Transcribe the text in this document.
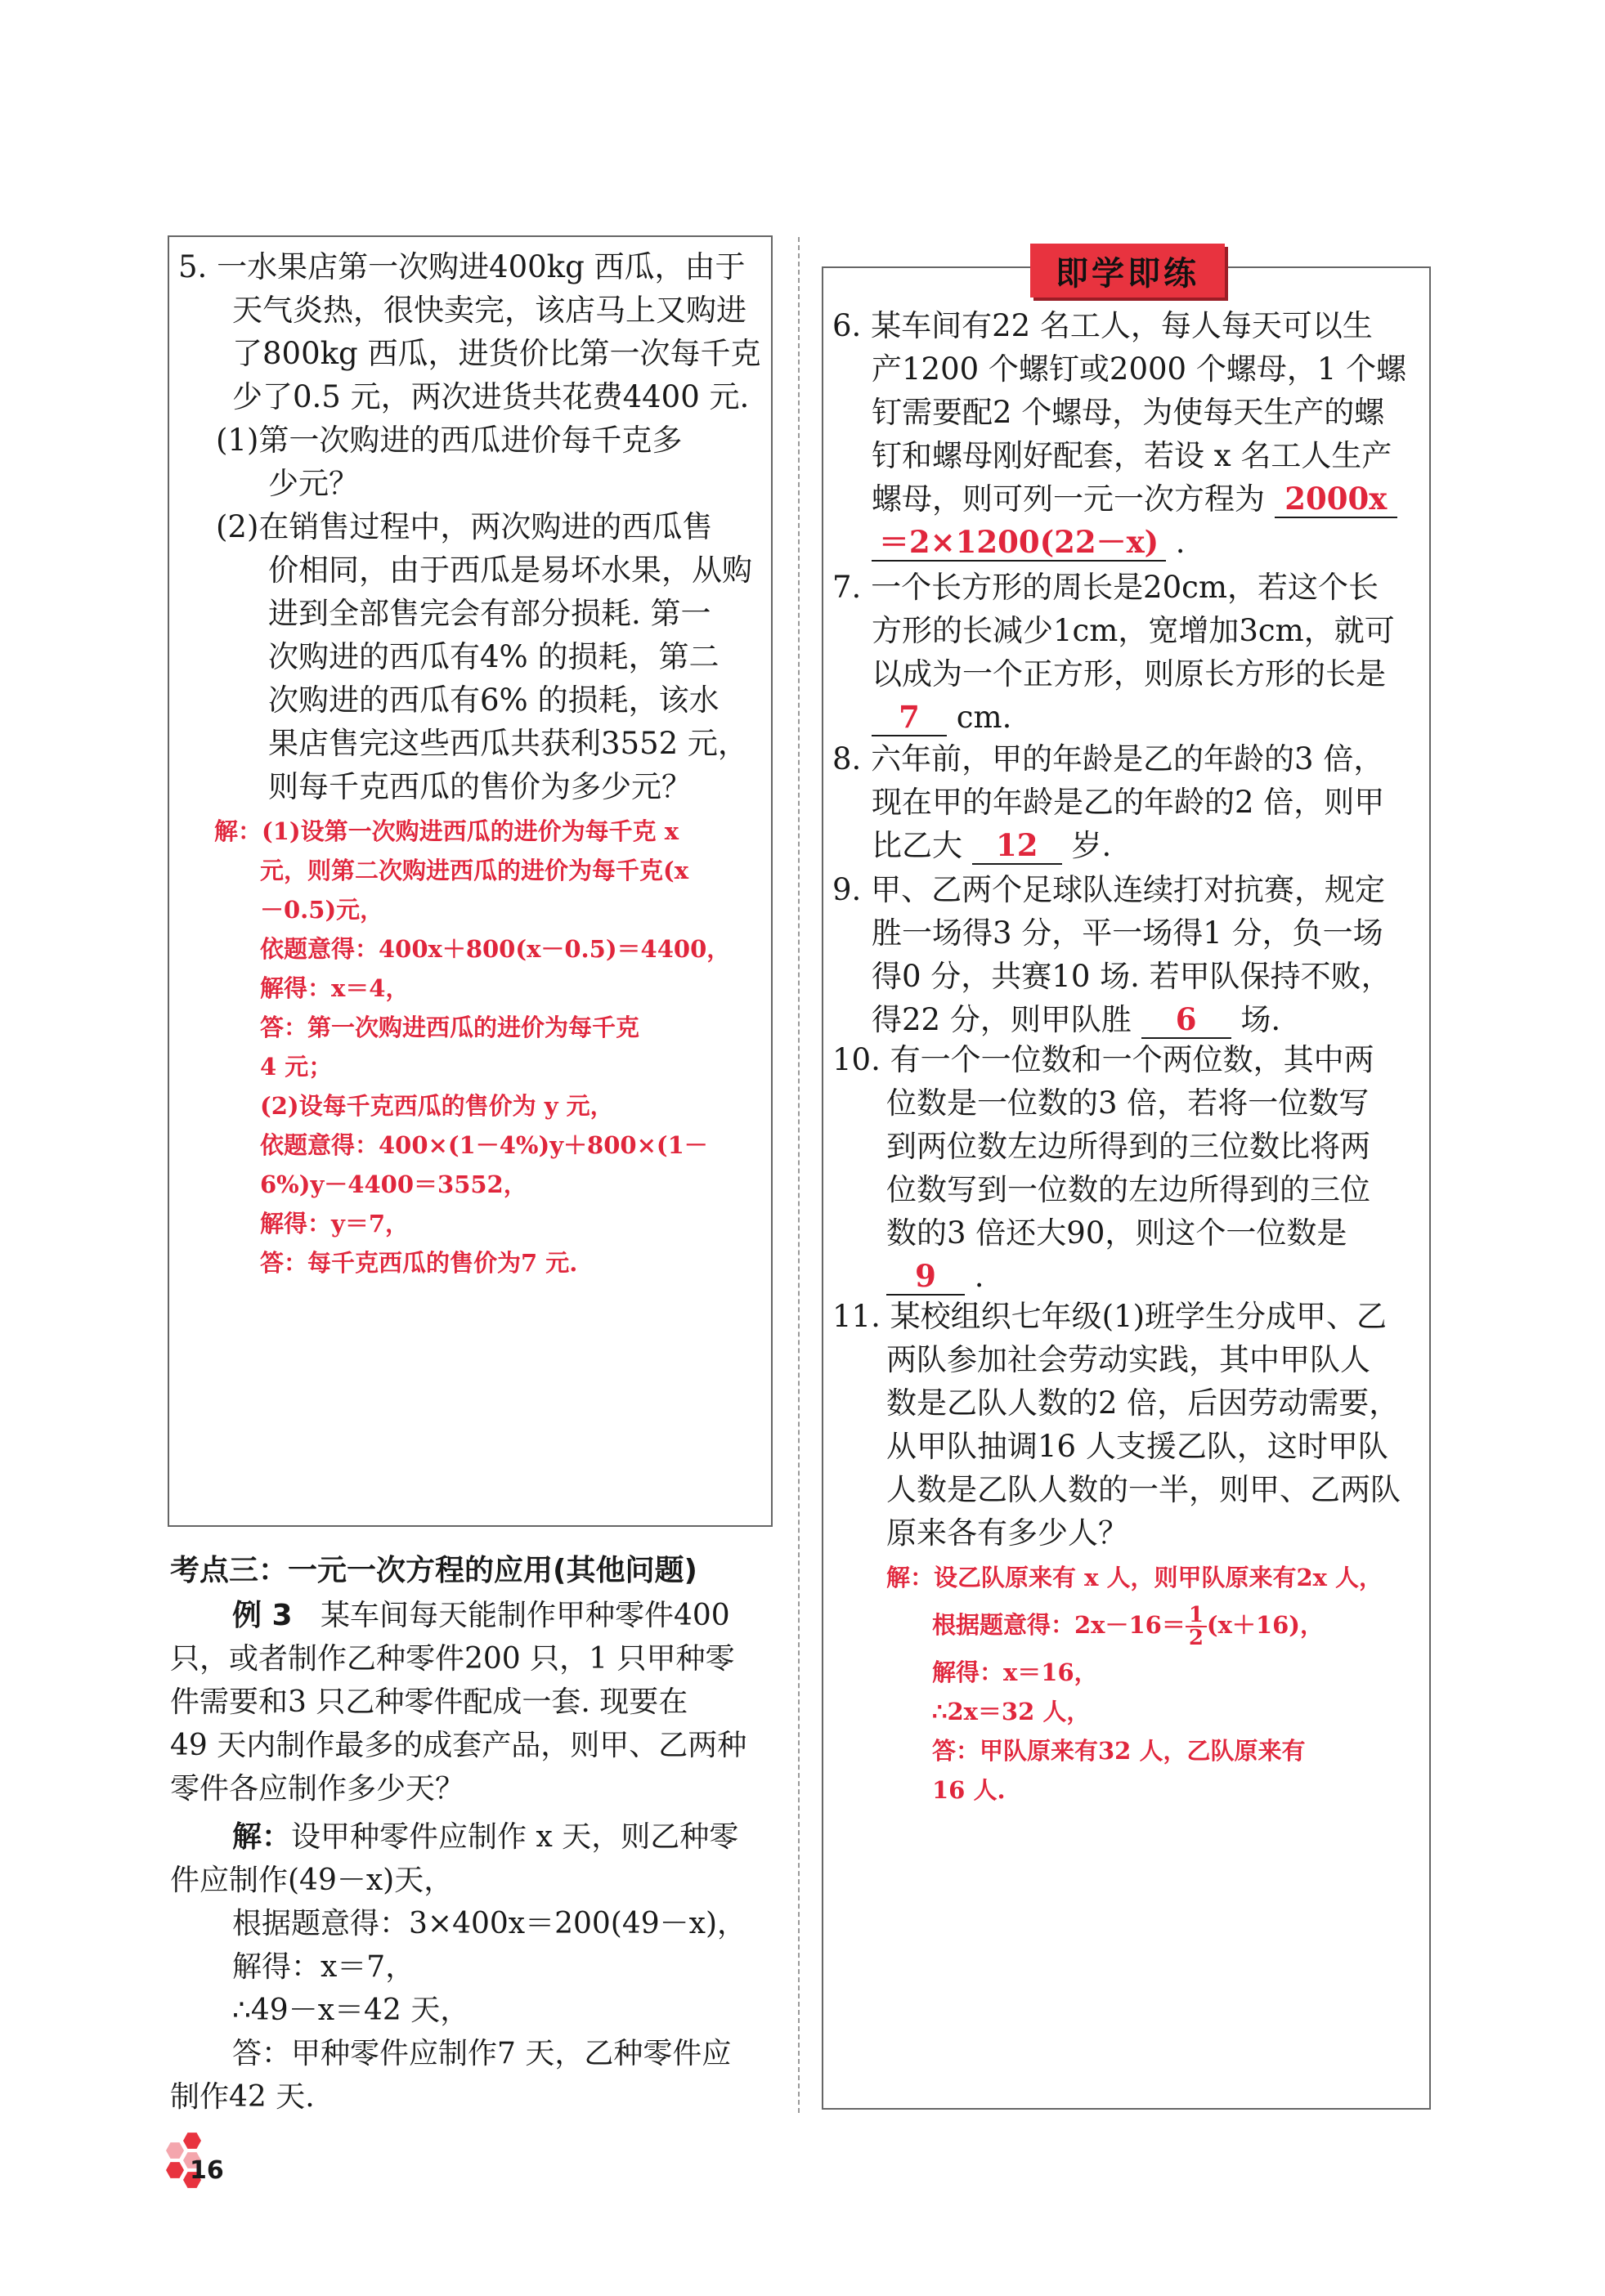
5. 一水果店第一次购进400kg 西瓜，由于
天气炎热，很快卖完，该店马上又购进
了800kg 西瓜，进货价比第一次每千克
少了0.5 元，两次进货共花费4400 元.
(1)第一次购进的西瓜进价每千克多
少元？
(2)在销售过程中，两次购进的西瓜售
价相同，由于西瓜是易坏水果，从购
进到全部售完会有部分损耗. 第一
次购进的西瓜有4% 的损耗，第二
次购进的西瓜有6% 的损耗，该水
果店售完这些西瓜共获利3552 元，
则每千克西瓜的售价为多少元？
解：(1)设第一次购进西瓜的进价为每千克 x
元，则第二次购进西瓜的进价为每千克(x
－0.5)元，
依题意得：400x＋800(x－0.5)＝4400，
解得：x＝4，
答：第一次购进西瓜的进价为每千克
4 元；
(2)设每千克西瓜的售价为 y 元，
依题意得：400×(1－4%)y＋800×(1－
6%)y－4400＝3552，
解得：y＝7，
答：每千克西瓜的售价为7 元.
考点三：一元一次方程的应用(其他问题)
例 3 某车间每天能制作甲种零件400
只，或者制作乙种零件200 只，1 只甲种零
件需要和3 只乙种零件配成一套. 现要在
49 天内制作最多的成套产品，则甲、乙两种
零件各应制作多少天？
解：设甲种零件应制作 x 天，则乙种零
件应制作(49－x)天，
根据题意得：3×400x＝200(49－x)，
解得：x＝7，
∴49－x＝42 天，
答：甲种零件应制作7 天，乙种零件应
制作42 天.
即学即练
6. 某车间有22 名工人，每人每天可以生
产1200 个螺钉或2000 个螺母，1 个螺
钉需要配2 个螺母，为使每天生产的螺
钉和螺母刚好配套，若设 x 名工人生产
螺母，则可列一元一次方程为 2000x
＝2×1200(22－x) .
7. 一个长方形的周长是20cm，若这个长
方形的长减少1cm，宽增加3cm，就可
以成为一个正方形，则原长方形的长是
7 cm.
8. 六年前，甲的年龄是乙的年龄的3 倍，
现在甲的年龄是乙的年龄的2 倍，则甲
比乙大 12 岁.
9. 甲、乙两个足球队连续打对抗赛，规定
胜一场得3 分，平一场得1 分，负一场
得0 分，共赛10 场. 若甲队保持不败，
得22 分，则甲队胜 6 场.
10. 有一个一位数和一个两位数，其中两
位数是一位数的3 倍，若将一位数写
到两位数左边所得到的三位数比将两
位数写到一位数的左边所得到的三位
数的3 倍还大90，则这个一位数是
9 .
11. 某校组织七年级(1)班学生分成甲、乙
两队参加社会劳动实践，其中甲队人
数是乙队人数的2 倍，后因劳动需要，
从甲队抽调16 人支援乙队，这时甲队
人数是乙队人数的一半，则甲、乙两队
原来各有多少人？
解：设乙队原来有 x 人，则甲队原来有2x 人，
根据题意得：$2x-16= \frac{1}{2} (x+16)$，
解得：x＝16，
∴2x＝32 人，
答：甲队原来有32 人，乙队原来有
16 人.
16
